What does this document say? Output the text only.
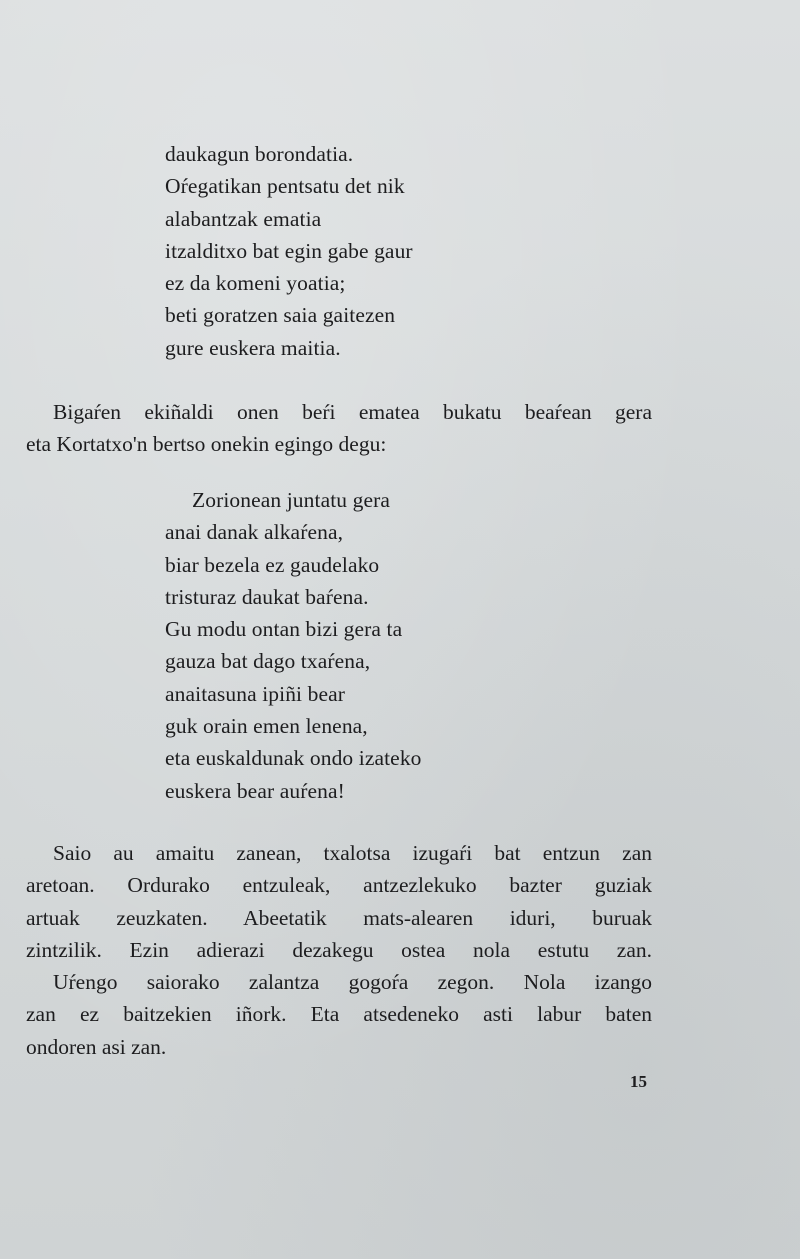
daukagun borondatia.
Oŕegatikan pentsatu det nik
alabantzak ematia
itzalditxo bat egin gabe gaur
ez da komeni yoatia;
beti goratzen saia gaitezen
gure euskera maitia.
Bigaŕen ekiñaldi onen beŕi ematea bukatu beaŕean gera
eta Kortatxo'n bertso onekin egingo degu:
Zorionean juntatu gera
anai danak alkaŕena,
biar bezela ez gaudelako
tristuraz daukat baŕena.
Gu modu ontan bizi gera ta
gauza bat dago txaŕena,
anaitasuna ipiñi bear
guk orain emen lenena,
eta euskaldunak ondo izateko
euskera bear auŕena!
Saio au amaitu zanean, txalotsa izugaŕi bat entzun zan
aretoan. Ordurako entzuleak, antzezlekuko bazter guziak
artuak zeuzkaten. Abeetatik mats-alearen iduri, buruak
zintzilik. Ezin adierazi dezakegu ostea nola estutu zan.
Uŕengo saiorako zalantza gogoŕa zegon. Nola izango
zan ez baitzekien iñork. Eta atsedeneko asti labur baten
ondoren asi zan.
15
